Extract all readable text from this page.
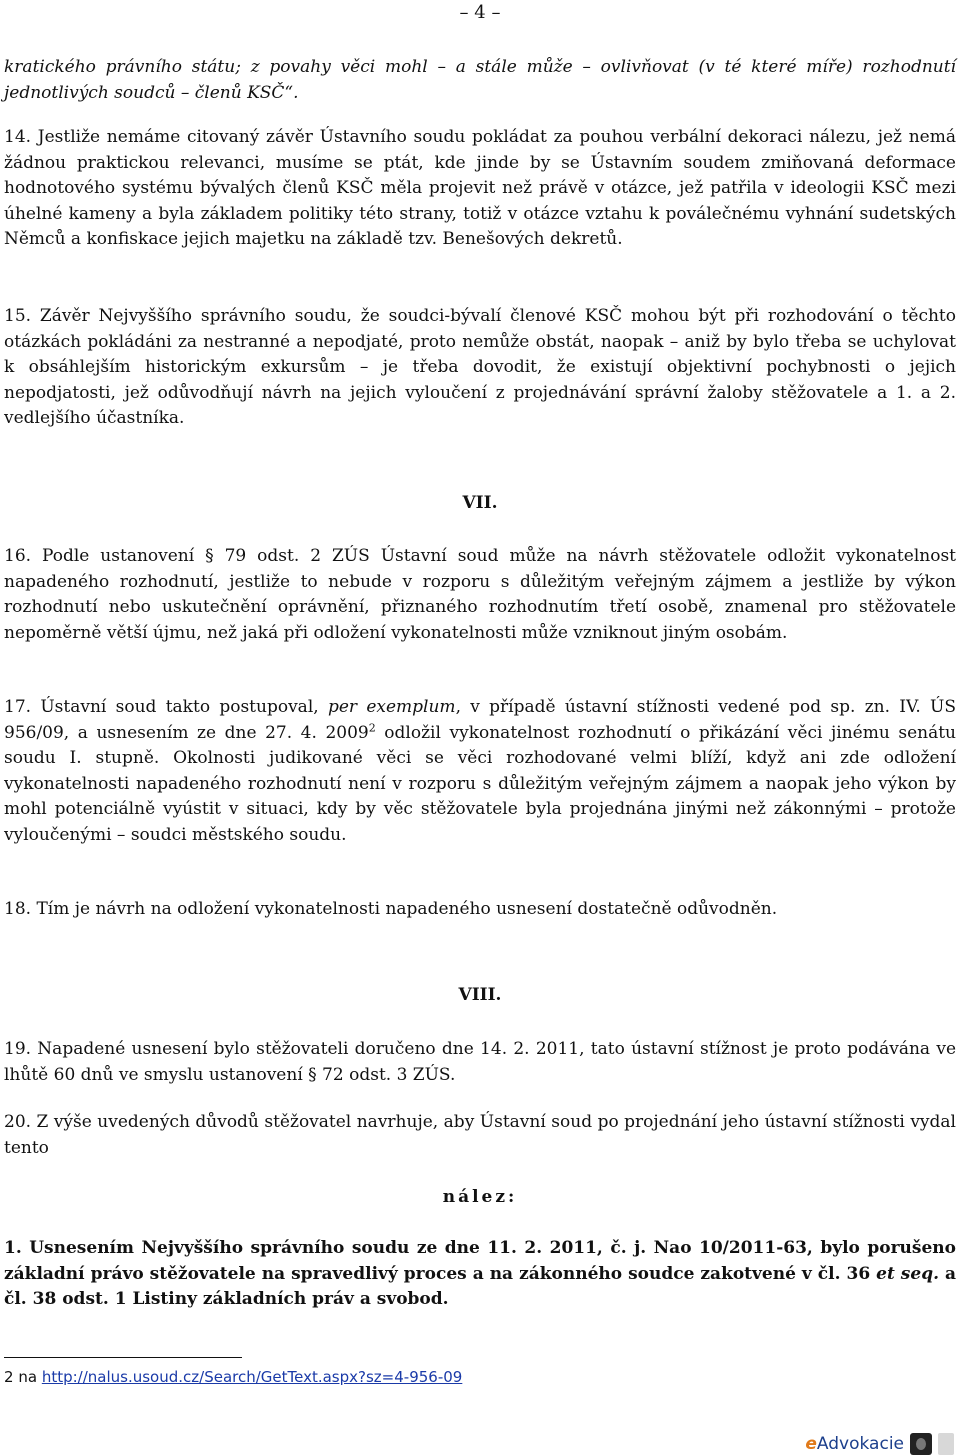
– 4 –

kratického právního státu; z povahy věci mohl – a stále může – ovlivňovat (v té které míře) rozhodnutí jednotlivých soudců – členů KSČ“.

14. Jestliže nemáme citovaný závěr Ústavního soudu pokládat za pouhou verbální dekoraci nálezu, jež nemá žádnou praktickou relevanci, musíme se ptát, kde jinde by se Ústavním soudem zmiňovaná deformace hodnotového systému bývalých členů KSČ měla projevit než právě v otázce, jež patřila v ideologii KSČ mezi úhelné kameny a byla základem politiky této strany, totiž v otázce vztahu k poválečnému vyhnání sudetských Němců a konfiskace jejich majetku na základě tzv. Benešových dekretů.

15. Závěr Nejvyššího správního soudu, že soudci-bývalí členové KSČ mohou být při rozhodování o těchto otázkách pokládáni za nestranné a nepodjaté, proto nemůže obstát, naopak – aniž by bylo třeba se uchylovat k obsáhlejším historickým exkursům – je třeba dovodit, že existují objektivní pochybnosti o jejich nepodjatosti, jež odůvodňují návrh na jejich vyloučení z projednávání správní žaloby stěžovatele a 1. a 2. vedlejšího účastníka.

VII.

16. Podle ustanovení § 79 odst. 2 ZÚS Ústavní soud může na návrh stěžovatele odložit vykonatelnost napadeného rozhodnutí, jestliže to nebude v rozporu s důležitým veřejným zájmem a jestliže by výkon rozhodnutí nebo uskutečnění oprávnění, přiznaného rozhodnutím třetí osobě, znamenal pro stěžovatele nepoměrně větší újmu, než jaká při odložení vykonatelnosti může vzniknout jiným osobám.

17. Ústavní soud takto postupoval, per exemplum, v případě ústavní stížnosti vedené pod sp. zn. IV. ÚS 956/09, a usnesením ze dne 27. 4. 2009$^2$ odložil vykonatelnost rozhodnutí o přikázání věci jinému senátu soudu I. stupně. Okolnosti judikované věci se věci rozhodované velmi blíží, když ani zde odložení vykonatelnosti napadeného rozhodnutí není v rozporu s důležitým veřejným zájmem a naopak jeho výkon by mohl potenciálně vyústit v situaci, kdy by věc stěžovatele byla projednána jinými než zákonnými – protože vyloučenými – soudci městského soudu.

18. Tím je návrh na odložení vykonatelnosti napadeného usnesení dostatečně odůvodněn.

VIII.

19. Napadené usnesení bylo stěžovateli doručeno dne 14. 2. 2011, tato ústavní stížnost je proto podávána ve lhůtě 60 dnů ve smyslu ustanovení § 72 odst. 3 ZÚS.

20. Z výše uvedených důvodů stěžovatel navrhuje, aby Ústavní soud po projednání jeho ústavní stížnosti vydal tento

nález:

1. Usnesením Nejvyššího správního soudu ze dne 11. 2. 2011, č. j. Nao 10/2011-63, bylo porušeno základní právo stěžovatele na spravedlivý proces a na zákonného soudce zakotvené v čl. 36 et seq. a čl. 38 odst. 1 Listiny základních práv a svobod.

2 na http://nalus.usoud.cz/Search/GetText.aspx?sz=4-956-09
eAdvokacie
